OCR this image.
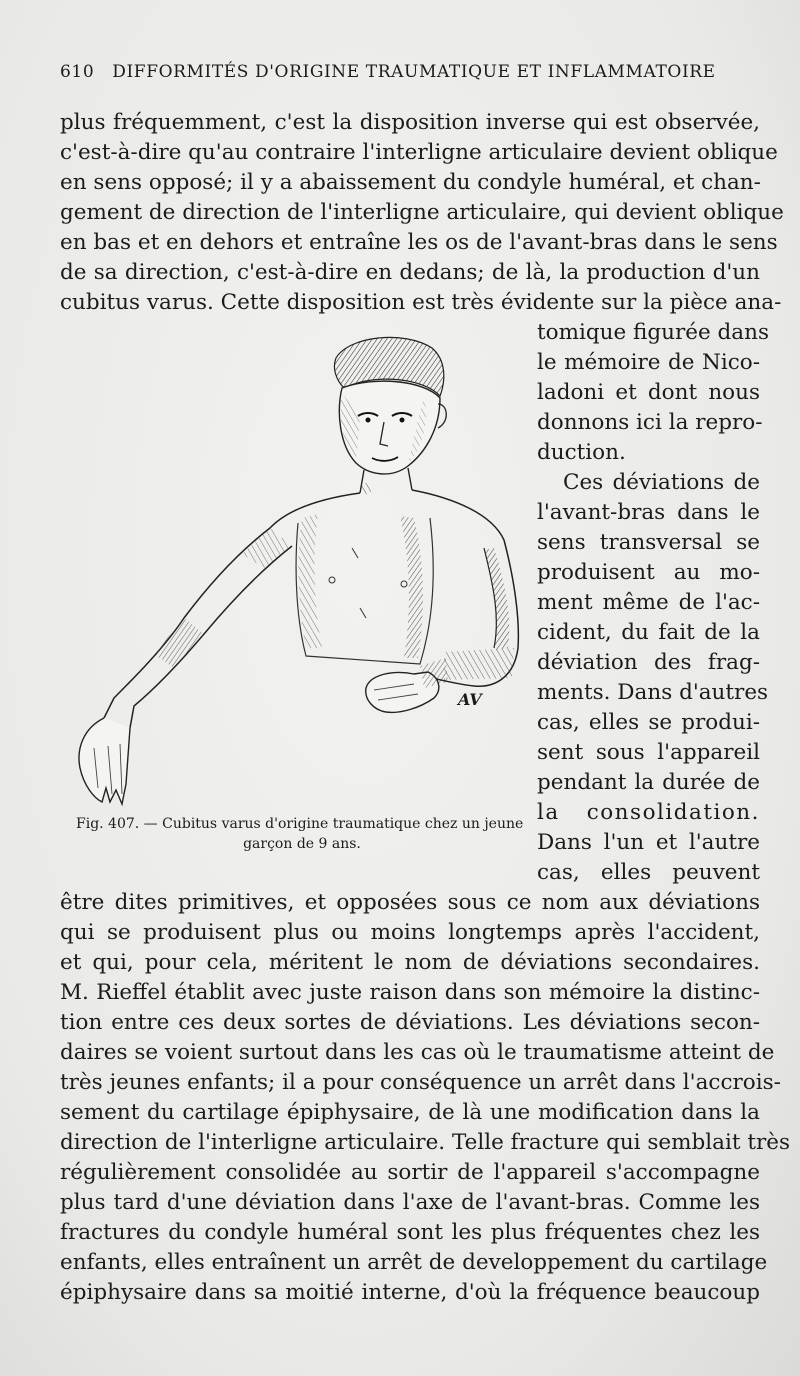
610 DIFFORMITÉS D'ORIGINE TRAUMATIQUE ET INFLAMMATOIRE
plus fréquemment, c'est la disposition inverse qui est observée,
c'est-à-dire qu'au contraire l'interligne articulaire devient oblique
en sens opposé; il y a abaissement du condyle huméral, et chan-
gement de direction de l'interligne articulaire, qui devient oblique
en bas et en dehors et entraîne les os de l'avant-bras dans le sens
de sa direction, c'est-à-dire en dedans; de là, la production d'un
cubitus varus. Cette disposition est très évidente sur la pièce ana-
tomique figurée dans
le mémoire de Nico-
ladoni et dont nous
donnons ici la repro-
duction.
Ces déviations de
l'avant-bras dans le
sens transversal se
produisent au mo-
ment même de l'ac-
cident, du fait de la
déviation des frag-
ments. Dans d'autres
cas, elles se produi-
sent sous l'appareil
pendant la durée de
la consolidation.
Dans l'un et l'autre
cas, elles peuvent
être dites primitives, et opposées sous ce nom aux déviations
qui se produisent plus ou moins longtemps après l'accident,
et qui, pour cela, méritent le nom de déviations secondaires.
M. Rieffel établit avec juste raison dans son mémoire la distinc-
tion entre ces deux sortes de déviations. Les déviations secon-
daires se voient surtout dans les cas où le traumatisme atteint de
très jeunes enfants; il a pour conséquence un arrêt dans l'accrois-
sement du cartilage épiphysaire, de là une modification dans la
direction de l'interligne articulaire. Telle fracture qui semblait très
régulièrement consolidée au sortir de l'appareil s'accompagne
plus tard d'une déviation dans l'axe de l'avant-bras. Comme les
fractures du condyle huméral sont les plus fréquentes chez les
enfants, elles entraînent un arrêt de developpement du cartilage
épiphysaire dans sa moitié interne, d'où la fréquence beaucoup
AV
Fig. 407. — Cubitus varus d'origine traumatique chez un jeune
garçon de 9 ans.
